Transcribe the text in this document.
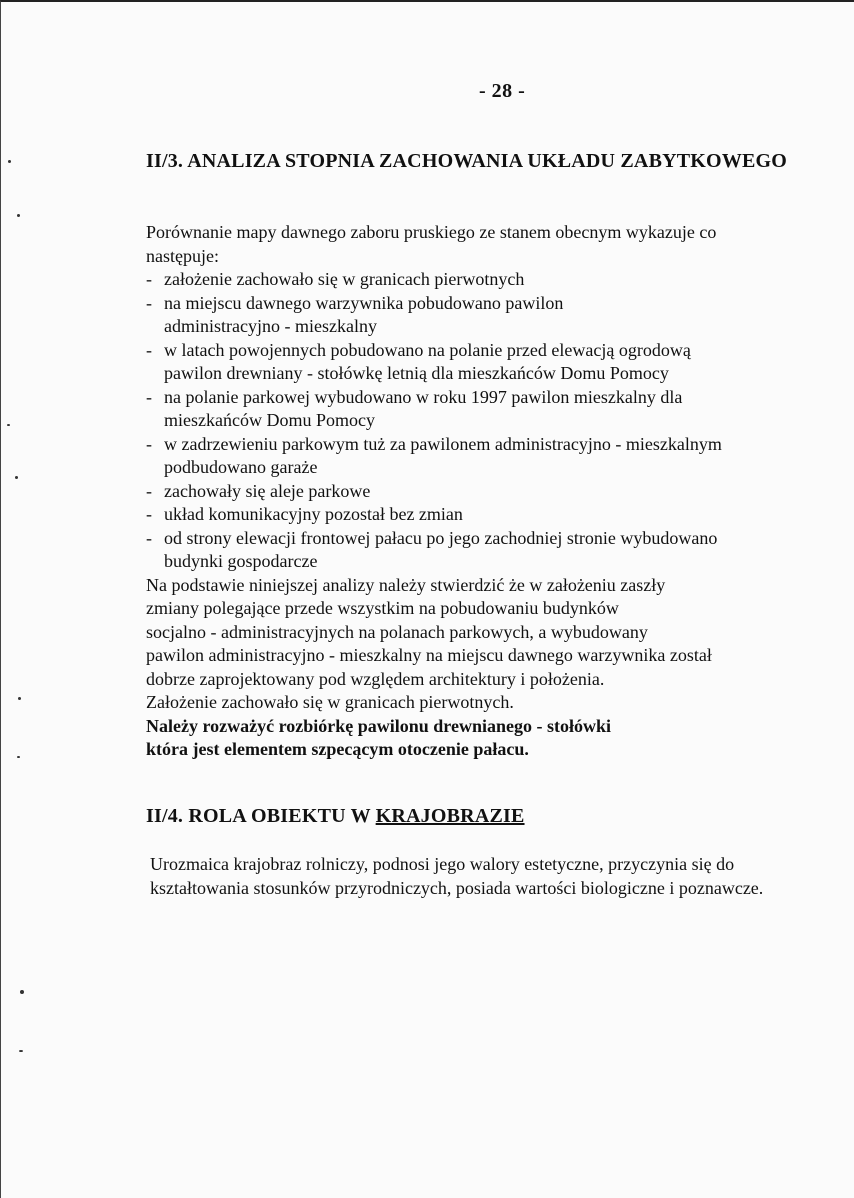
- 28 -
II/3. ANALIZA STOPNIA ZACHOWANIA UKŁADU ZABYTKOWEGO
Porównanie mapy dawnego zaboru pruskiego ze stanem obecnym wykazuje co
następuje:
- założenie zachowało się w granicach pierwotnych
- na miejscu dawnego warzywnika pobudowano pawilon
administracyjno - mieszkalny
- w latach powojennych pobudowano na polanie przed elewacją ogrodową
pawilon drewniany - stołówkę letnią dla mieszkańców Domu Pomocy
- na polanie parkowej wybudowano w roku 1997 pawilon mieszkalny dla
mieszkańców Domu Pomocy
- w zadrzewieniu parkowym tuż za pawilonem administracyjno - mieszkalnym
podbudowano garaże
- zachowały się aleje parkowe
- układ komunikacyjny pozostał bez zmian
- od strony elewacji frontowej pałacu po jego zachodniej stronie wybudowano
budynki gospodarcze
Na podstawie niniejszej analizy należy stwierdzić że w założeniu zaszły
zmiany polegające przede wszystkim na pobudowaniu budynków
socjalno - administracyjnych na polanach parkowych, a wybudowany
pawilon administracyjno - mieszkalny na miejscu dawnego warzywnika został
dobrze zaprojektowany pod względem architektury i położenia.
Założenie zachowało się w granicach pierwotnych.
Należy rozważyć rozbiórkę pawilonu drewnianego - stołówki
która jest elementem szpecącym otoczenie pałacu.
II/4. ROLA OBIEKTU W KRAJOBRAZIE
Urozmaica krajobraz rolniczy, podnosi jego walory estetyczne, przyczynia się do
kształtowania stosunków przyrodniczych, posiada wartości biologiczne i poznawcze.
